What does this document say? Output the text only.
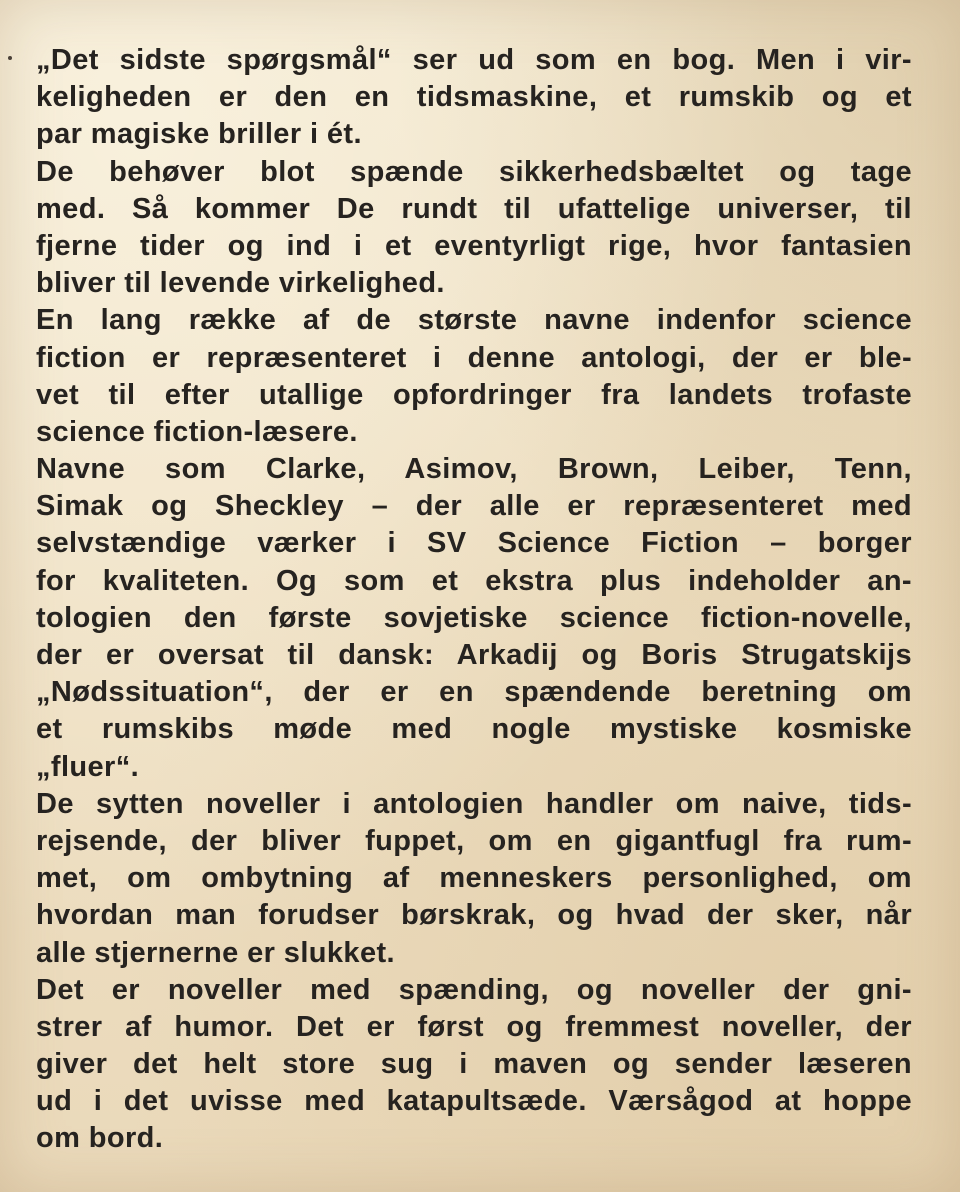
„Det sidste spørgsmål“ ser ud som en bog. Men i vir-
keligheden er den en tidsmaskine, et rumskib og et
par magiske briller i ét.
De behøver blot spænde sikkerhedsbæltet og tage
med. Så kommer De rundt til ufattelige universer, til
fjerne tider og ind i et eventyrligt rige, hvor fantasien
bliver til levende virkelighed.
En lang række af de største navne indenfor science
fiction er repræsenteret i denne antologi, der er ble-
vet til efter utallige opfordringer fra landets trofaste
science fiction-læsere.
Navne som Clarke, Asimov, Brown, Leiber, Tenn,
Simak og Sheckley – der alle er repræsenteret med
selvstændige værker i SV Science Fiction – borger
for kvaliteten. Og som et ekstra plus indeholder an-
tologien den første sovjetiske science fiction-novelle,
der er oversat til dansk: Arkadij og Boris Strugatskijs
„Nødssituation“, der er en spændende beretning om
et rumskibs møde med nogle mystiske kosmiske
„fluer“.
De sytten noveller i antologien handler om naive, tids-
rejsende, der bliver fuppet, om en gigantfugl fra rum-
met, om ombytning af menneskers personlighed, om
hvordan man forudser børskrak, og hvad der sker, når
alle stjernerne er slukket.
Det er noveller med spænding, og noveller der gni-
strer af humor. Det er først og fremmest noveller, der
giver det helt store sug i maven og sender læseren
ud i det uvisse med katapultsæde. Værsågod at hoppe
om bord.
